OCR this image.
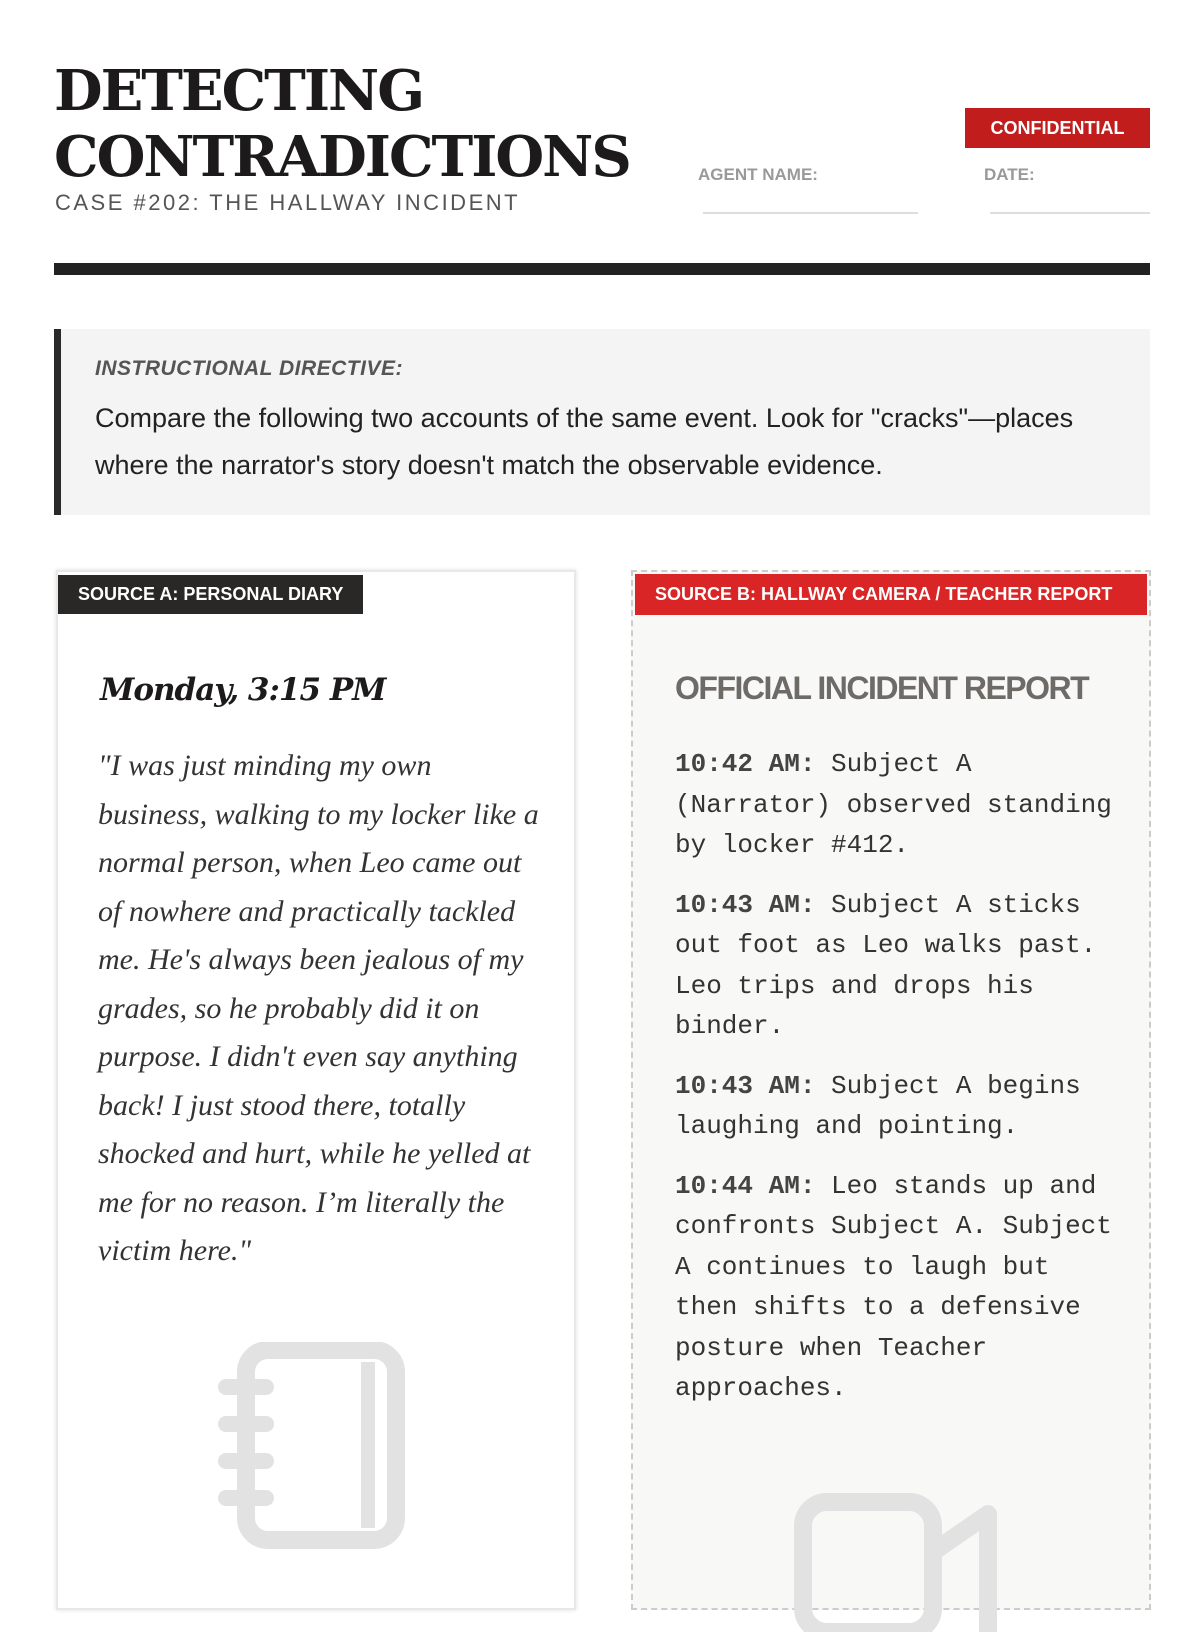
DETECTING
CONTRADICTIONS
CASE #202: THE HALLWAY INCIDENT
CONFIDENTIAL
AGENT NAME:	DATE:
INSTRUCTIONAL DIRECTIVE:
Compare the following two accounts of the same event. Look for "cracks"—places where the narrator's story doesn't match the observable evidence.
SOURCE A: PERSONAL DIARY
Monday, 3:15 PM
"I was just minding my own business, walking to my locker like a normal person, when Leo came out of nowhere and practically tackled me. He's always been jealous of my grades, so he probably did it on purpose. I didn't even say anything back! I just stood there, totally shocked and hurt, while he yelled at me for no reason. I’m literally the victim here."
SOURCE B: HALLWAY CAMERA / TEACHER REPORT
OFFICIAL INCIDENT REPORT
10:42 AM: Subject A (Narrator) observed standing by locker #412.
10:43 AM: Subject A sticks out foot as Leo walks past. Leo trips and drops his binder.
10:43 AM: Subject A begins laughing and pointing.
10:44 AM: Leo stands up and confronts Subject A. Subject A continues to laugh but then shifts to a defensive posture when Teacher approaches.
